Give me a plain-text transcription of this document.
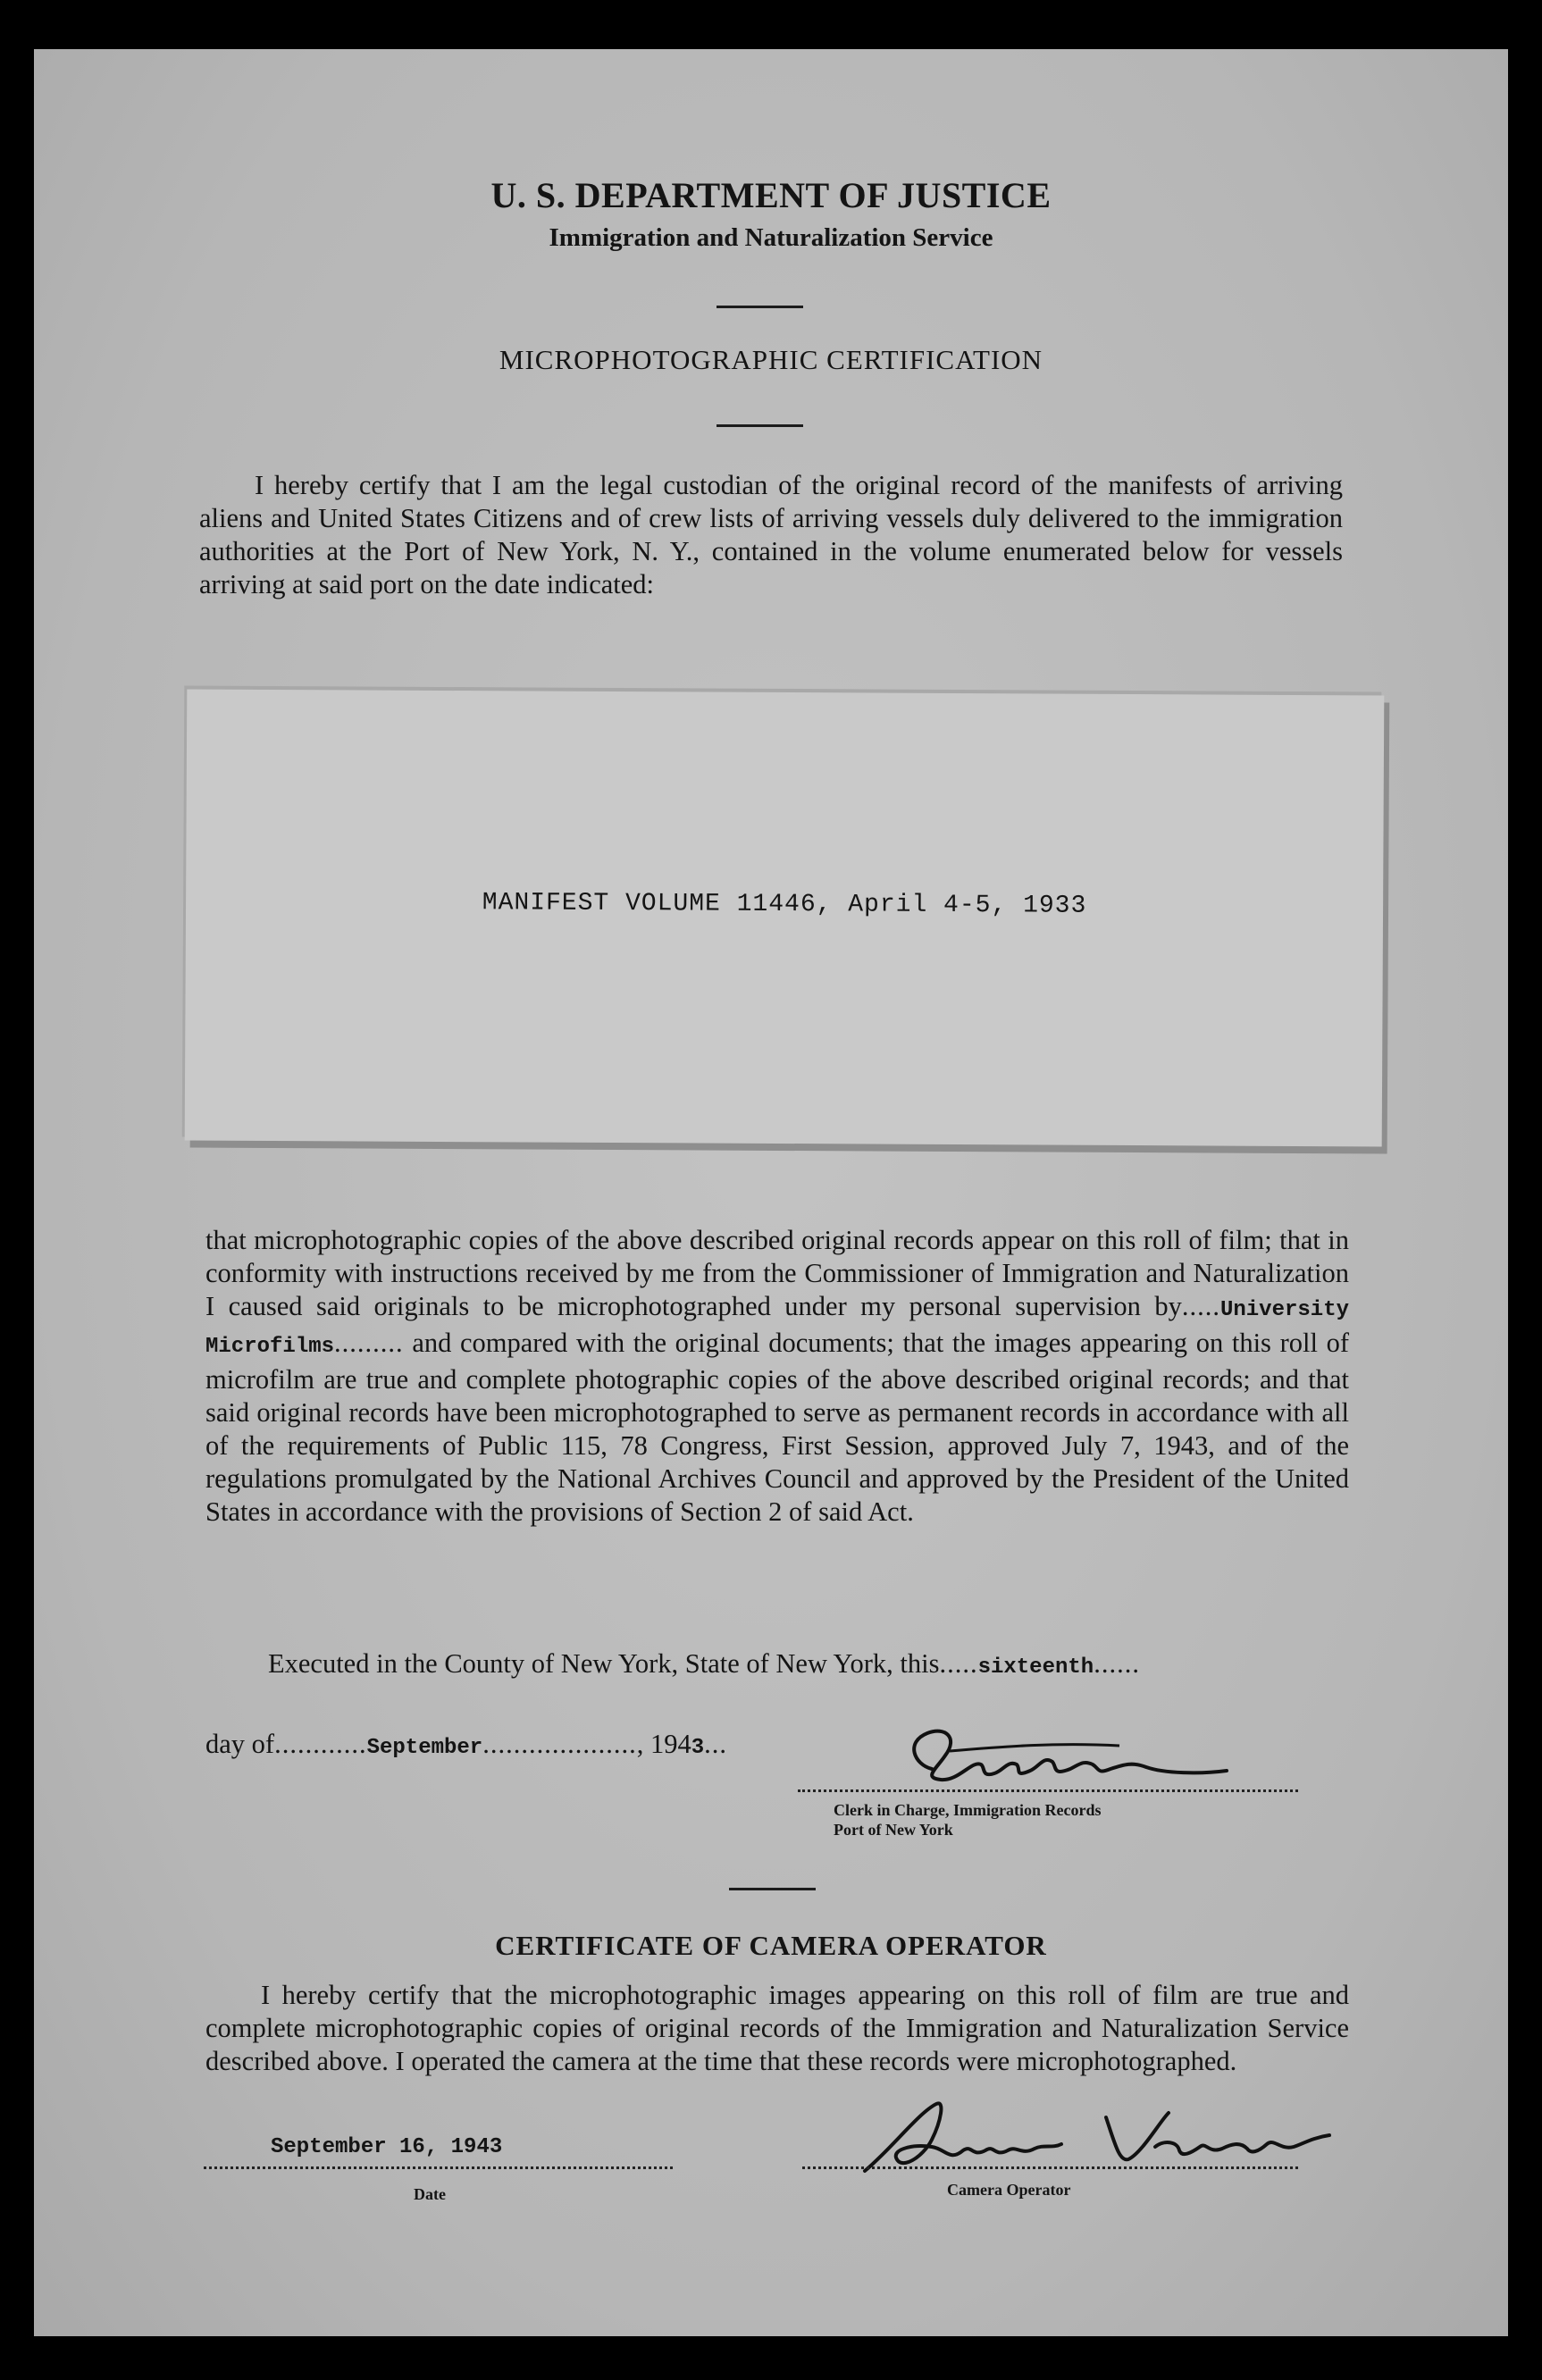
U. S. DEPARTMENT OF JUSTICE
Immigration and Naturalization Service
MICROPHOTOGRAPHIC CERTIFICATION
I hereby certify that I am the legal custodian of the original record of the manifests of arriving aliens and United States Citizens and of crew lists of arriving vessels duly delivered to the immigration authorities at the Port of New York, N. Y., contained in the volume enumerated below for vessels arriving at said port on the date indicated:
MANIFEST VOLUME 11446, April 4-5, 1933
that microphotographic copies of the above described original records appear on this roll of film; that in conformity with instructions received by me from the Commissioner of Immigration and Naturalization I caused said originals to be microphotographed under my personal supervision by.....University Microfilms......... and compared with the original documents; that the images appearing on this roll of microfilm are true and complete photographic copies of the above described original records; and that said original records have been microphotographed to serve as permanent records in accordance with all of the requirements of Public 115, 78 Congress, First Session, approved July 7, 1943, and of the regulations promulgated by the National Archives Council and approved by the President of the United States in accordance with the provisions of Section 2 of said Act.
Executed in the County of New York, State of New York, this.....sixteenth......
day of............September...................., 1943...
Clerk in Charge, Immigration Records
Port of New York
CERTIFICATE OF CAMERA OPERATOR
I hereby certify that the microphotographic images appearing on this roll of film are true and complete microphotographic copies of original records of the Immigration and Naturalization Service described above. I operated the camera at the time that these records were microphotographed.
September 16, 1943
Date	Camera Operator
